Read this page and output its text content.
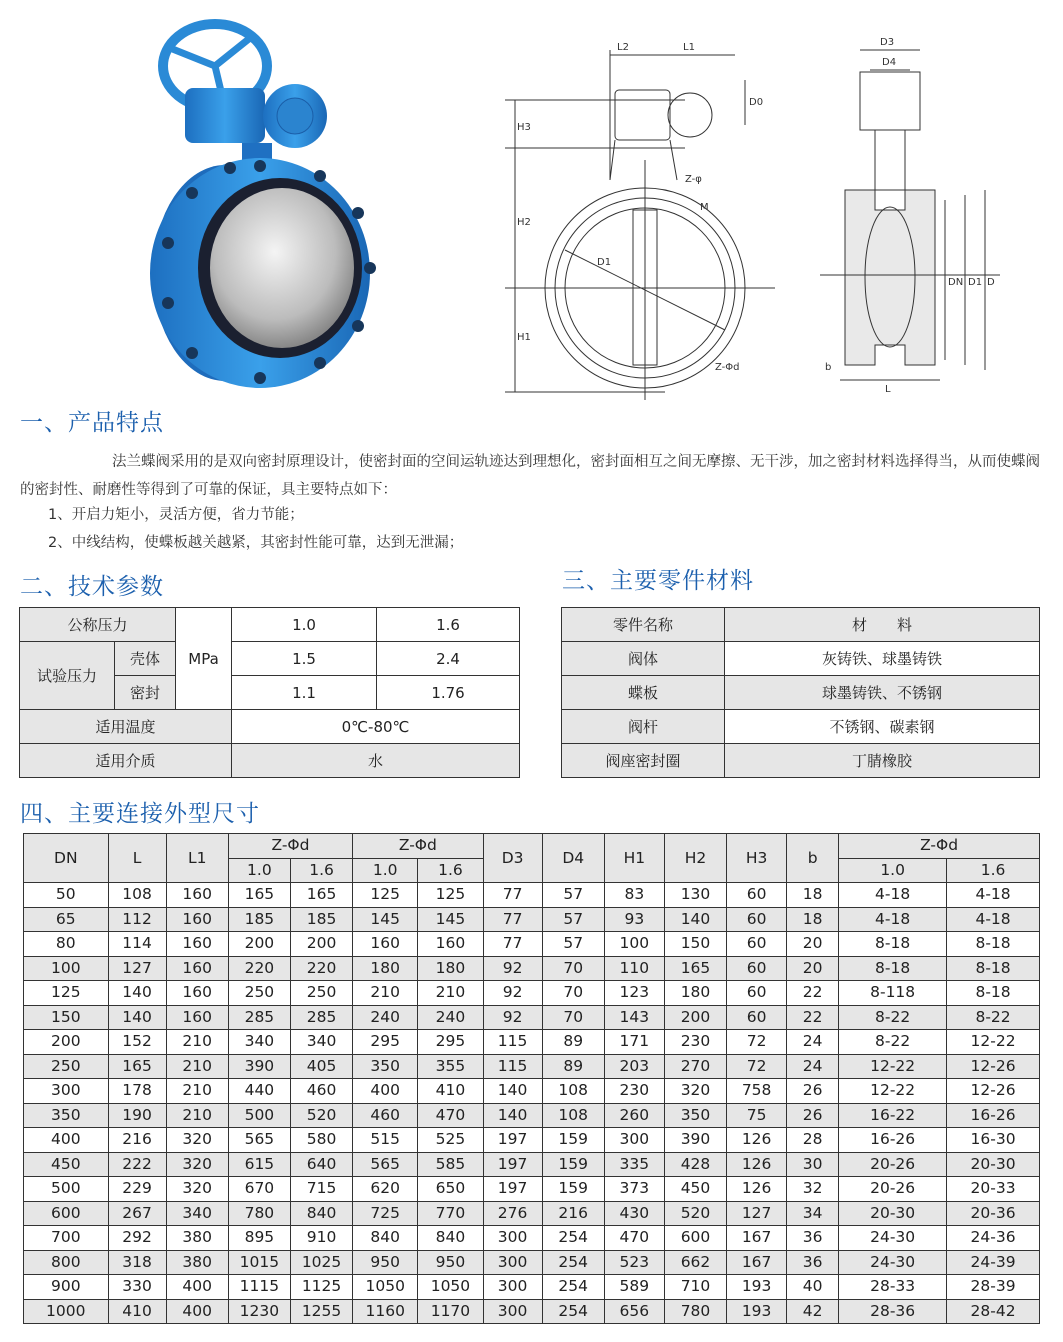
L2	L1
D0
H3
H2
H1
D1
Z-φ
M
Z-Φd
D3
D4
DN D1 D
b
L
一、产品特点
法兰蝶阀采用的是双向密封原理设计，使密封面的空间运轨迹达到理想化，密封面相互之间无摩擦、无干涉，加之密封材料选择得当，从而使蝶阀的密封性、耐磨性等得到了可靠的保证，具主要特点如下：
1、开启力矩小，灵活方便，省力节能；
2、中线结构，使蝶板越关越紧，其密封性能可靠，达到无泄漏；
二、技术参数
公称压力		MPa	1.0	1.6
试验压力	壳体		1.5	2.4
	密封		1.1	1.76
适用温度			0℃-80℃	
适用介质			水	
三、主要零件材料
零件名称	材　　料
阀体	灰铸铁、球墨铸铁
蝶板	球墨铸铁、不锈钢
阀杆	不锈钢、碳素钢
阀座密封圈	丁腈橡胶
四、主要连接外型尺寸
DN	L	L1	Z-Φd		Z-Φd		D3	D4	H1	H2	H3	b	Z-Φd	
			1.0	1.6	1.0	1.6							1.0	1.6
50	108	160	165	165	125	125	77	57	83	130	60	18	4-18	4-18
65	112	160	185	185	145	145	77	57	93	140	60	18	4-18	4-18
80	114	160	200	200	160	160	77	57	100	150	60	20	8-18	8-18
100	127	160	220	220	180	180	92	70	110	165	60	20	8-18	8-18
125	140	160	250	250	210	210	92	70	123	180	60	22	8-118	8-18
150	140	160	285	285	240	240	92	70	143	200	60	22	8-22	8-22
200	152	210	340	340	295	295	115	89	171	230	72	24	8-22	12-22
250	165	210	390	405	350	355	115	89	203	270	72	24	12-22	12-26
300	178	210	440	460	400	410	140	108	230	320	758	26	12-22	12-26
350	190	210	500	520	460	470	140	108	260	350	75	26	16-22	16-26
400	216	320	565	580	515	525	197	159	300	390	126	28	16-26	16-30
450	222	320	615	640	565	585	197	159	335	428	126	30	20-26	20-30
500	229	320	670	715	620	650	197	159	373	450	126	32	20-26	20-33
600	267	340	780	840	725	770	276	216	430	520	127	34	20-30	20-36
700	292	380	895	910	840	840	300	254	470	600	167	36	24-30	24-36
800	318	380	1015	1025	950	950	300	254	523	662	167	36	24-30	24-39
900	330	400	1115	1125	1050	1050	300	254	589	710	193	40	28-33	28-39
1000	410	400	1230	1255	1160	1170	300	254	656	780	193	42	28-36	28-42
